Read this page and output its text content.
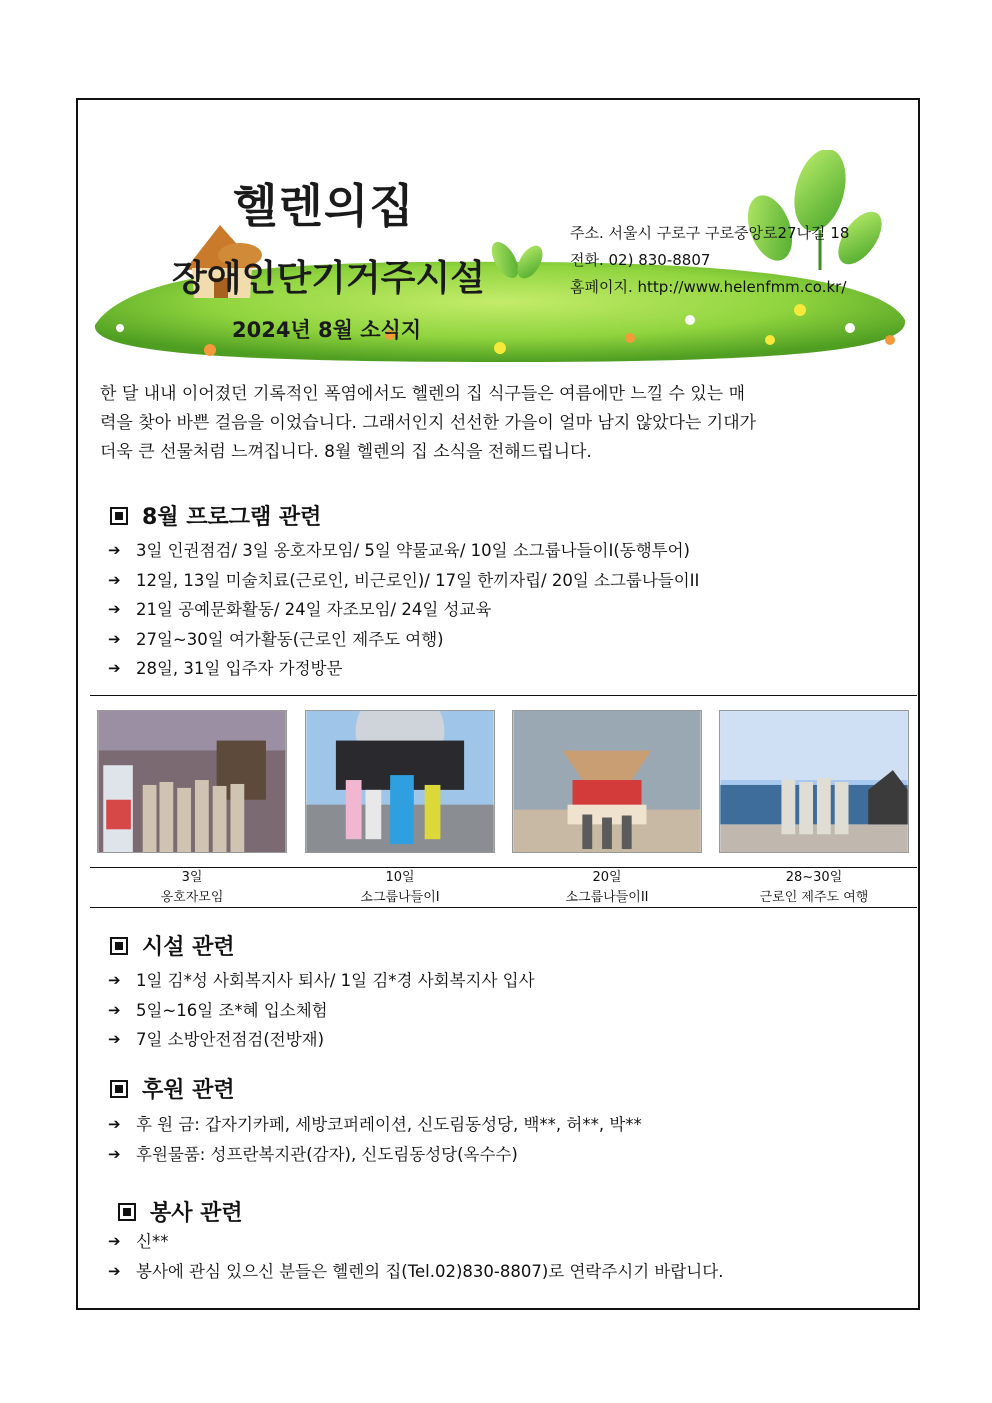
헬렌의집
장애인단기거주시설
2024년 8월 소식지
주소. 서울시 구로구 구로중앙로27나길 18
전화. 02) 830-8807
홈페이지. http://www.helenfmm.co.kr/
한 달 내내 이어졌던 기록적인 폭염에서도 헬렌의 집 식구들은 여름에만 느낄 수 있는 매
력을 찾아 바쁜 걸음을 이었습니다. 그래서인지 선선한 가을이 얼마 남지 않았다는 기대가
더욱 큰 선물처럼 느껴집니다. 8월 헬렌의 집 소식을 전해드립니다.
8월 프로그램 관련
➔ 3일 인권점검/ 3일 옹호자모임/ 5일 약물교육/ 10일 소그룹나들이I(동행투어)
➔ 12일, 13일 미술치료(근로인, 비근로인)/ 17일 한끼자립/ 20일 소그룹나들이II
➔ 21일 공예문화활동/ 24일 자조모임/ 24일 성교육
➔ 27일~30일 여가활동(근로인 제주도 여행)
➔ 28일, 31일 입주자 가정방문
3일
옹호자모임
10일
소그룹나들이I
20일
소그룹나들이II
28~30일
근로인 제주도 여행
시설 관련
➔ 1일 김*성 사회복지사 퇴사/ 1일 김*경 사회복지사 입사
➔ 5일~16일 조*혜 입소체험
➔ 7일 소방안전점검(전방재)
후원 관련
➔ 후 원 금: 갑자기카페, 세방코퍼레이션, 신도림동성당, 백**, 허**, 박**
➔ 후원물품: 성프란복지관(감자), 신도림동성당(옥수수)
봉사 관련
➔ 신**
➔ 봉사에 관심 있으신 분들은 헬렌의 집(Tel.02)830-8807)로 연락주시기 바랍니다.
